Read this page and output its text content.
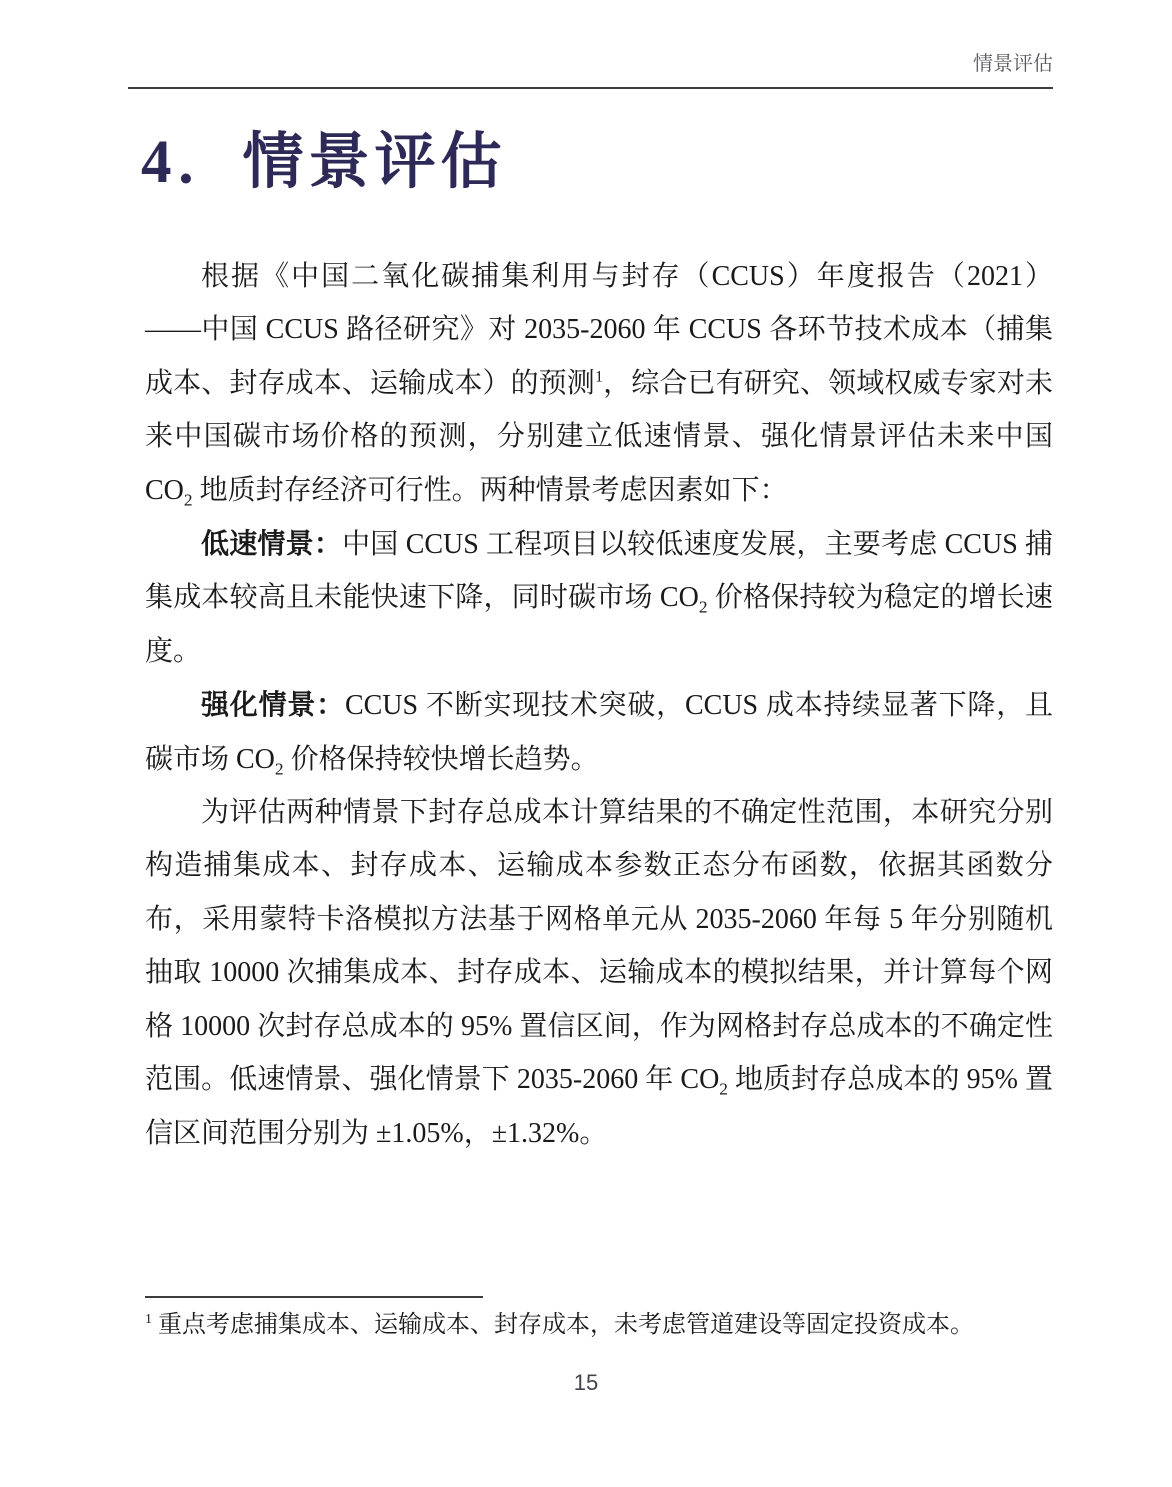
情景评估
4．情景评估

根据《中国二氧化碳捕集利用与封存（CCUS）年度报告（2021）——中国 CCUS 路径研究》对 2035-2060 年 CCUS 各环节技术成本（捕集成本、封存成本、运输成本）的预测$^1$，综合已有研究、领域权威专家对未来中国碳市场价格的预测，分别建立低速情景、强化情景评估未来中国 $CO_2$ 地质封存经济可行性。两种情景考虑因素如下：

低速情景：中国 CCUS 工程项目以较低速度发展，主要考虑 CCUS 捕集成本较高且未能快速下降，同时碳市场 $CO_2$ 价格保持较为稳定的增长速度。

强化情景：CCUS 不断实现技术突破，CCUS 成本持续显著下降，且碳市场 $CO_2$ 价格保持较快增长趋势。

为评估两种情景下封存总成本计算结果的不确定性范围，本研究分别构造捕集成本、封存成本、运输成本参数正态分布函数，依据其函数分布，采用蒙特卡洛模拟方法基于网格单元从 2035-2060 年每 5 年分别随机抽取 10000 次捕集成本、封存成本、运输成本的模拟结果，并计算每个网格 10000 次封存总成本的 95% 置信区间，作为网格封存总成本的不确定性范围。低速情景、强化情景下 2035-2060 年 $CO_2$ 地质封存总成本的 95% 置信区间范围分别为 ±1.05%，±1.32%。

$^1$ 重点考虑捕集成本、运输成本、封存成本，未考虑管道建设等固定投资成本。

15
